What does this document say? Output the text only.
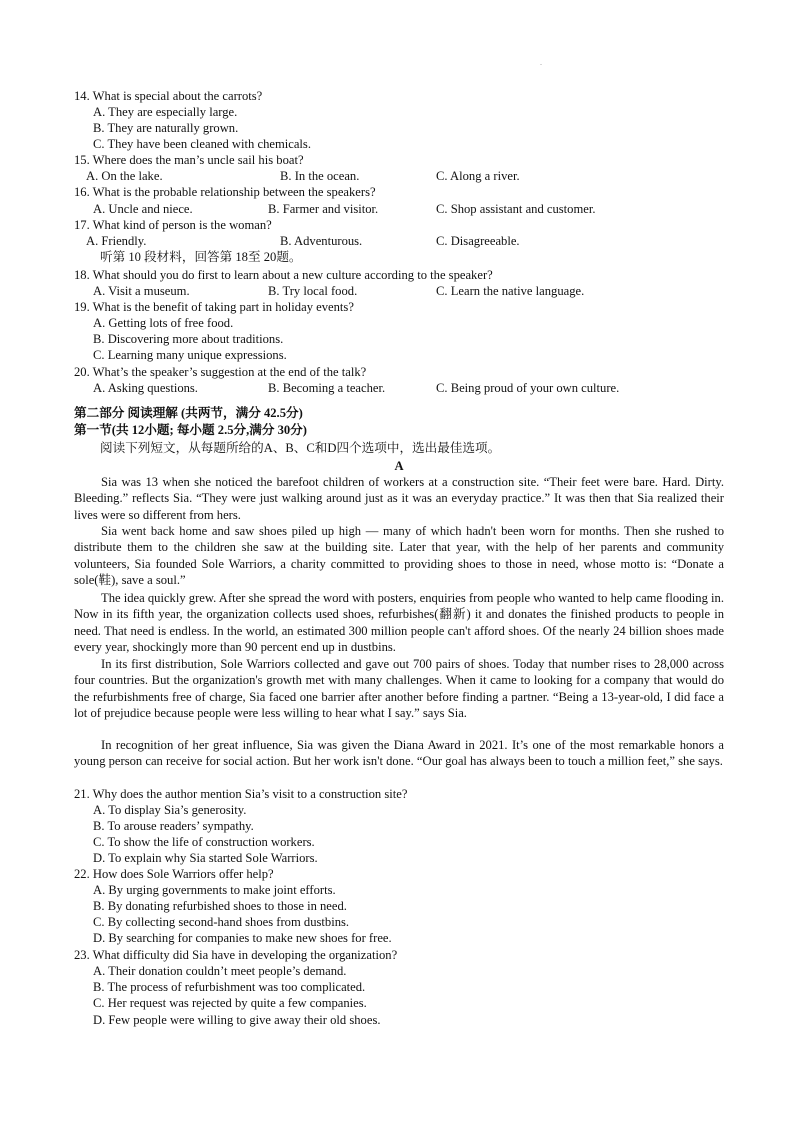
.
14. What is special about the carrots?
A. They are especially large.
B. They are naturally grown.
C. They have been cleaned with chemicals.
15. Where does the man’s uncle sail his boat?
A. On the lake.	B. In the ocean.	C. Along a river.
16. What is the probable relationship between the speakers?
A. Uncle and niece.	B. Farmer and visitor.	C. Shop assistant and customer.
17. What kind of person is the woman?
A. Friendly.	B. Adventurous.	C. Disagreeable.
听第 10 段材料，回答第 18至 20题。
18. What should you do first to learn about a new culture according to the speaker?
A. Visit a museum.	B. Try local food.	C. Learn the native language.
19. What is the benefit of taking part in holiday events?
A. Getting lots of free food.
B. Discovering more about traditions.
C. Learning many unique expressions.
20. What’s the speaker’s suggestion at the end of the talk?
A. Asking questions.	B. Becoming a teacher.	C. Being proud of your own culture.
第二部分 阅读理解 (共两节，满分 42.5分)
第一节(共 12小题; 每小题 2.5分,满分 30分)
阅读下列短文，从每题所给的A、B、C和D四个选项中，选出最佳选项。
A

Sia was 13 when she noticed the barefoot children of workers at a construction site. “Their feet were bare. Hard. Dirty. Bleeding.” reflects Sia. “They were just walking around just as it was an everyday practice.” It was then that Sia realized their lives were so different from hers.

Sia went back home and saw shoes piled up high — many of which hadn't been worn for months. Then she rushed to distribute them to the children she saw at the building site. Later that year, with the help of her parents and community volunteers, Sia founded Sole Warriors, a charity committed to providing shoes to those in need, whose motto is: “Donate a sole(鞋), save a soul.”

The idea quickly grew. After she spread the word with posters, enquiries from people who wanted to help came flooding in. Now in its fifth year, the organization collects used shoes, refurbishes(翻新) it and donates the finished products to people in need. That need is endless. In the world, an estimated 300 million people can't afford shoes. Of the nearly 24 billion shoes made every year, shockingly more than 90 percent end up in dustbins.

In its first distribution, Sole Warriors collected and gave out 700 pairs of shoes. Today that number rises to 28,000 across four countries. But the organization's growth met with many challenges. When it came to looking for a company that would do the refurbishments free of charge, Sia faced one barrier after another before finding a partner. “Being a 13-year-old, I did face a lot of prejudice because people were less willing to hear what I say.” says Sia.

In recognition of her great influence, Sia was given the Diana Award in 2021. It’s one of the most remarkable honors a young person can receive for social action. But her work isn't done. “Our goal has always been to touch a million feet,” she says.

21. Why does the author mention Sia’s visit to a construction site?
A. To display Sia’s generosity.
B. To arouse readers’ sympathy.
C. To show the life of construction workers.
D. To explain why Sia started Sole Warriors.
22. How does Sole Warriors offer help?
A. By urging governments to make joint efforts.
B. By donating refurbished shoes to those in need.
C. By collecting second-hand shoes from dustbins.
D. By searching for companies to make new shoes for free.
23. What difficulty did Sia have in developing the organization?
A. Their donation couldn’t meet people’s demand.
B. The process of refurbishment was too complicated.
C. Her request was rejected by quite a few companies.
D. Few people were willing to give away their old shoes.
